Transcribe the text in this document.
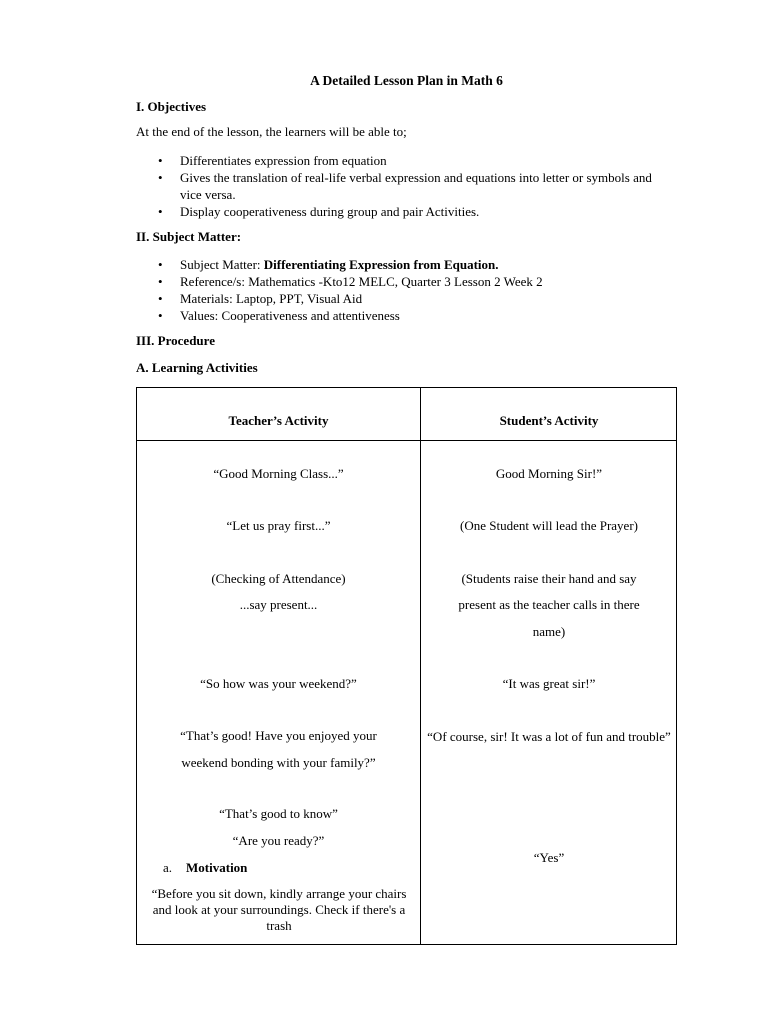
A Detailed Lesson Plan in Math 6
I. Objectives
At the end of the lesson, the learners will be able to;
• Differentiates expression from equation
• Gives the translation of real-life verbal expression and equations into letter or symbols and vice versa.
• Display cooperativeness during group and pair Activities.
II. Subject Matter:
• Subject Matter: Differentiating Expression from Equation.
• Reference/s: Mathematics -Kto12 MELC, Quarter 3 Lesson 2 Week 2
• Materials: Laptop, PPT, Visual Aid
• Values: Cooperativeness and attentiveness
III. Procedure
A. Learning Activities
Teacher’s Activity	Student’s Activity
“Good Morning Class...”
“Let us pray first...”
(Checking of Attendance)
...say present...
“So how was your weekend?”
“That’s good! Have you enjoyed your
weekend bonding with your family?”
“That’s good to know”
“Are you ready?”
a. Motivation
“Before you sit down, kindly arrange your chairs and look at your surroundings. Check if there's a trash
Good Morning Sir!”
(One Student will lead the Prayer)
(Students raise their hand and say
present as the teacher calls in there
name)
“It was great sir!”
“Of course, sir! It was a lot of fun and trouble”
“Yes”
